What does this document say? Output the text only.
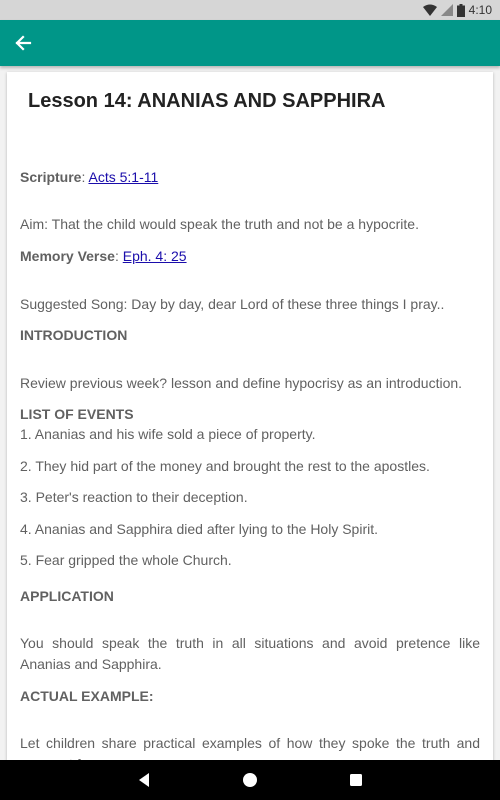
4:10
Lesson 14: ANANIAS AND SAPPHIRA
Scripture: Acts 5:1-11
Aim: That the child would speak the truth and not be a hypocrite.
Memory Verse: Eph. 4: 25
Suggested Song: Day by day, dear Lord of these three things I pray..
INTRODUCTION
Review previous week? lesson and define hypocrisy as an introduction.
LIST OF EVENTS
1. Ananias and his wife sold a piece of property.
2. They hid part of the money and brought the rest to the apostles.
3. Peter's reaction to their deception.
4. Ananias and Sapphira died after lying to the Holy Spirit.
5. Fear gripped the whole Church.
APPLICATION
You should speak the truth in all situations and avoid pretence like Ananias and Sapphira.
ACTUAL EXAMPLE:
Let children share practical examples of how they spoke the truth and
